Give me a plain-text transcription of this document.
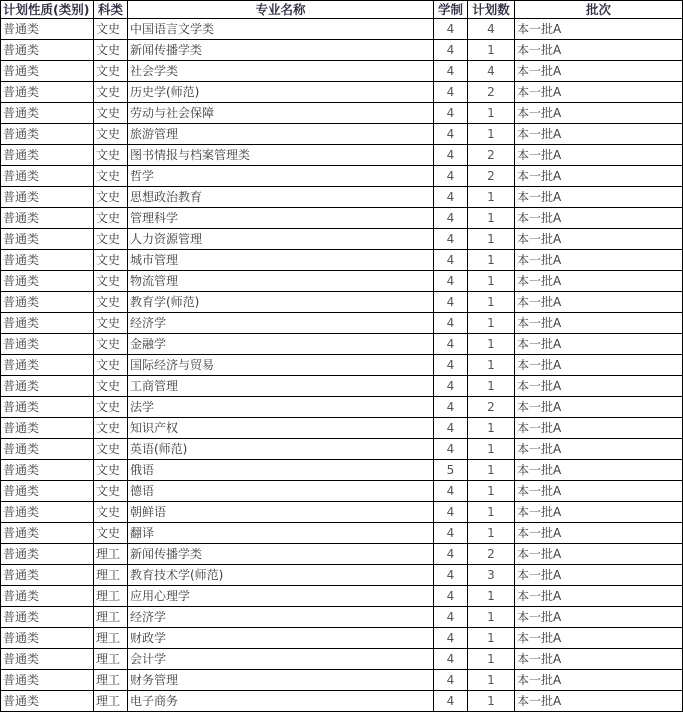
计划性质(类别)	科类	专业名称	学制	计划数	批次
普通类	文史	中国语言文学类	4	4	本一批A
普通类	文史	新闻传播学类	4	1	本一批A
普通类	文史	社会学类	4	4	本一批A
普通类	文史	历史学(师范)	4	2	本一批A
普通类	文史	劳动与社会保障	4	1	本一批A
普通类	文史	旅游管理	4	1	本一批A
普通类	文史	图书情报与档案管理类	4	2	本一批A
普通类	文史	哲学	4	2	本一批A
普通类	文史	思想政治教育	4	1	本一批A
普通类	文史	管理科学	4	1	本一批A
普通类	文史	人力资源管理	4	1	本一批A
普通类	文史	城市管理	4	1	本一批A
普通类	文史	物流管理	4	1	本一批A
普通类	文史	教育学(师范)	4	1	本一批A
普通类	文史	经济学	4	1	本一批A
普通类	文史	金融学	4	1	本一批A
普通类	文史	国际经济与贸易	4	1	本一批A
普通类	文史	工商管理	4	1	本一批A
普通类	文史	法学	4	2	本一批A
普通类	文史	知识产权	4	1	本一批A
普通类	文史	英语(师范)	4	1	本一批A
普通类	文史	俄语	5	1	本一批A
普通类	文史	德语	4	1	本一批A
普通类	文史	朝鲜语	4	1	本一批A
普通类	文史	翻译	4	1	本一批A
普通类	理工	新闻传播学类	4	2	本一批A
普通类	理工	教育技术学(师范)	4	3	本一批A
普通类	理工	应用心理学	4	1	本一批A
普通类	理工	经济学	4	1	本一批A
普通类	理工	财政学	4	1	本一批A
普通类	理工	会计学	4	1	本一批A
普通类	理工	财务管理	4	1	本一批A
普通类	理工	电子商务	4	1	本一批A
